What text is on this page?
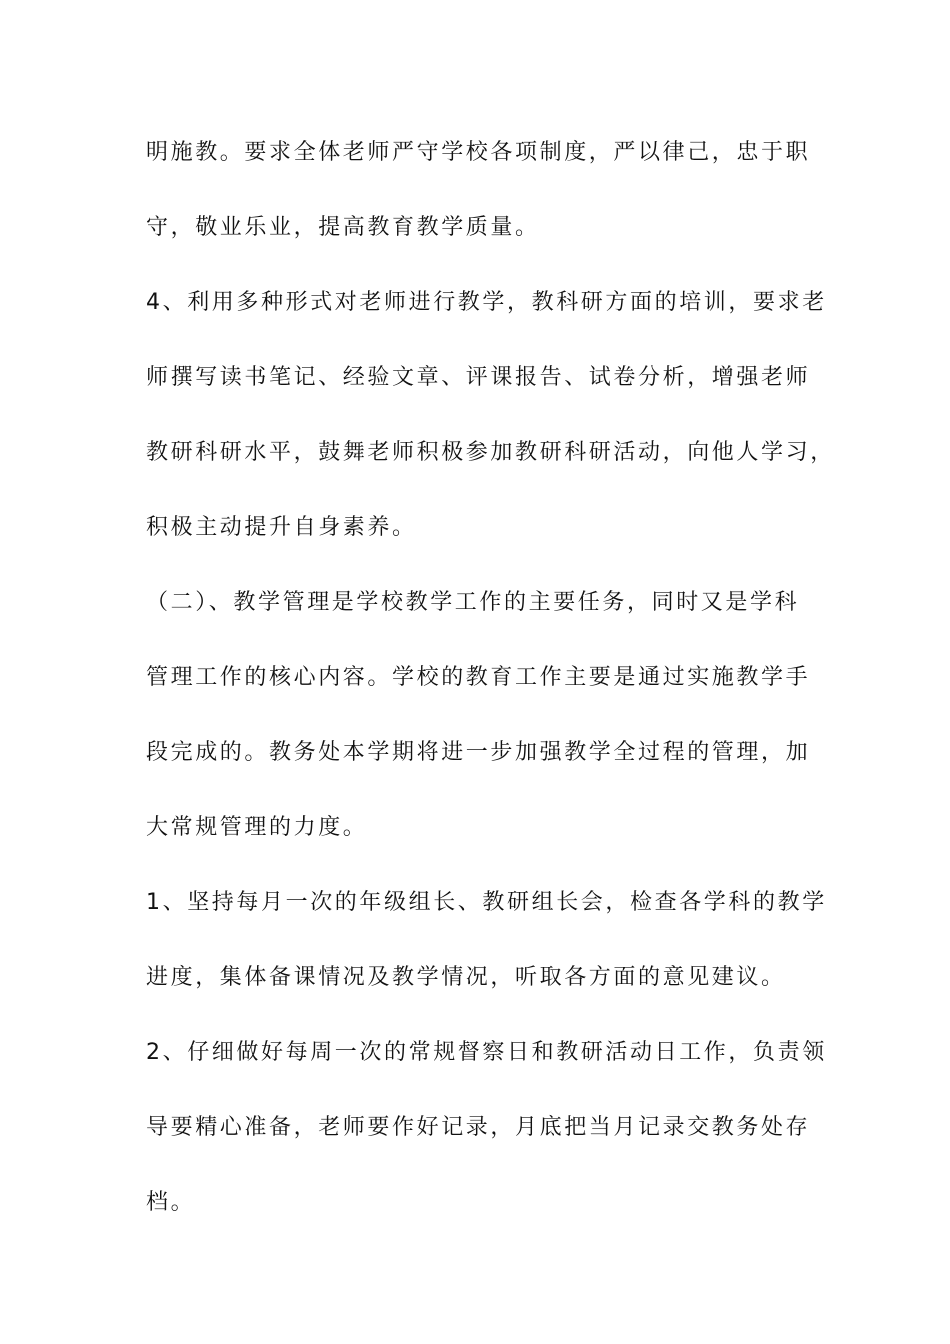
明施教。要求全体老师严守学校各项制度，严以律己，忠于职
守，敬业乐业，提高教育教学质量。
4、利用多种形式对老师进行教学，教科研方面的培训，要求老
师撰写读书笔记、经验文章、评课报告、试卷分析，增强老师
教研科研水平，鼓舞老师积极参加教研科研活动，向他人学习，
积极主动提升自身素养。
（二）、教学管理是学校教学工作的主要任务，同时又是学科
管理工作的核心内容。学校的教育工作主要是通过实施教学手
段完成的。教务处本学期将进一步加强教学全过程的管理，加
大常规管理的力度。
1、坚持每月一次的年级组长、教研组长会，检查各学科的教学
进度，集体备课情况及教学情况，听取各方面的意见建议。
2、仔细做好每周一次的常规督察日和教研活动日工作，负责领
导要精心准备，老师要作好记录，月底把当月记录交教务处存
档。
